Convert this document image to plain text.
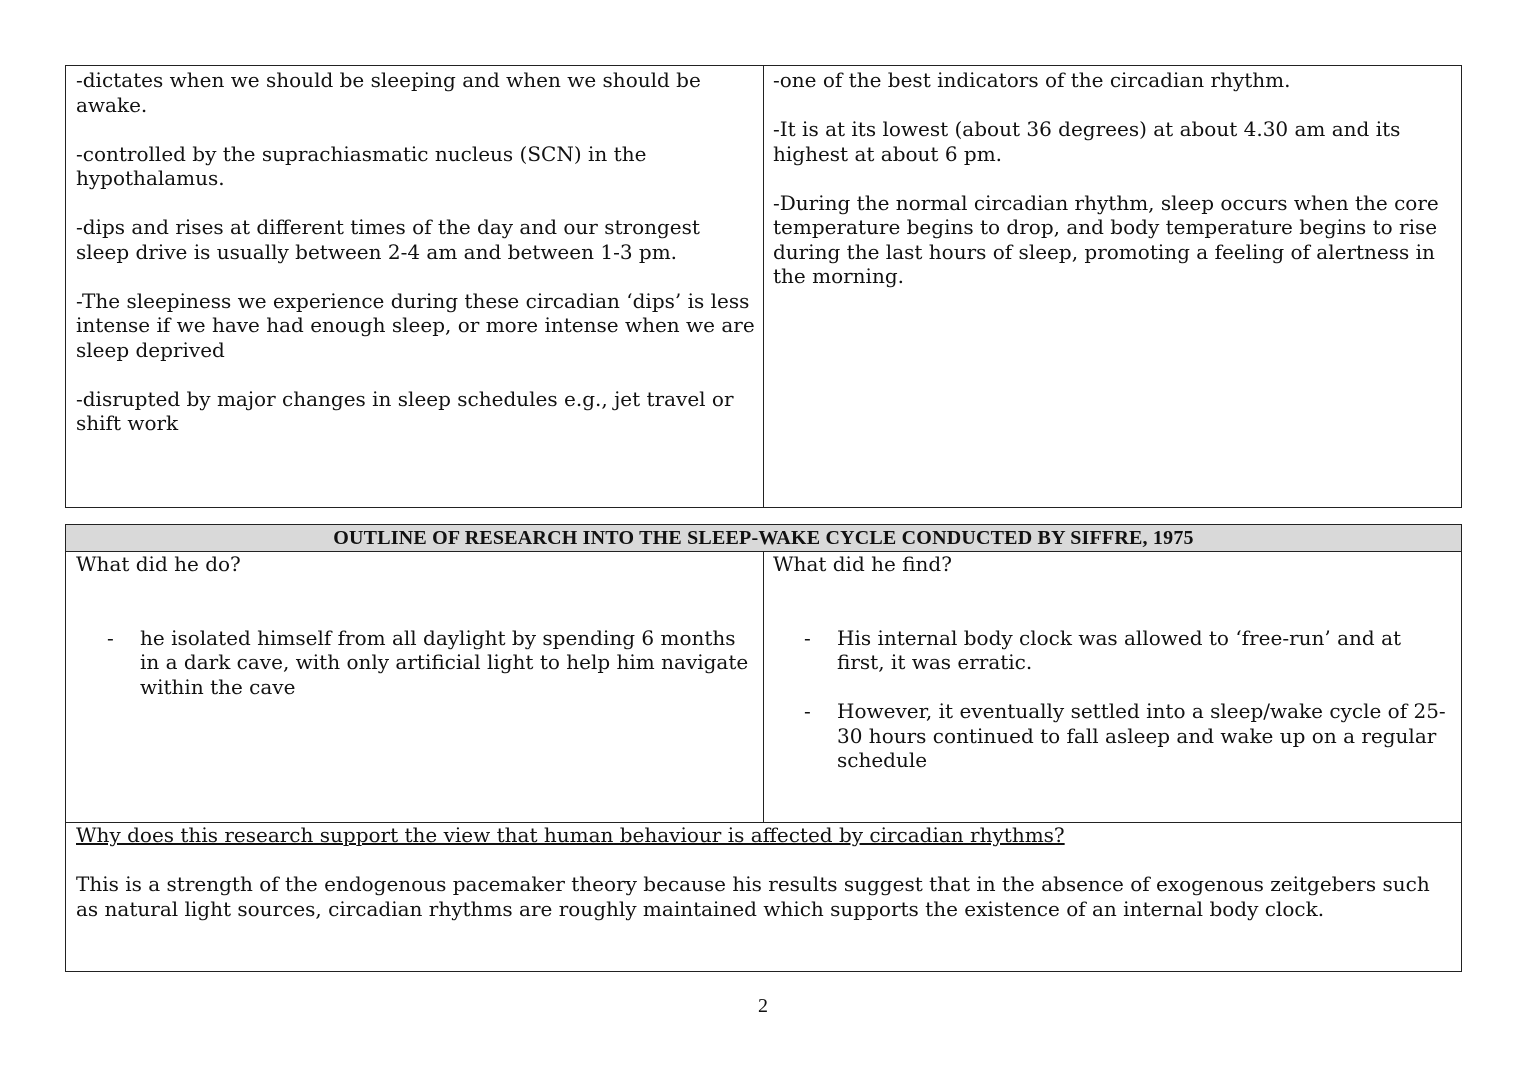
-dictates when we should be sleeping and when we should be awake.

-controlled by the suprachiasmatic nucleus (SCN) in the hypothalamus.

-dips and rises at different times of the day and our strongest sleep drive is usually between 2-4 am and between 1-3 pm.

-The sleepiness we experience during these circadian ‘dips’ is less intense if we have had enough sleep, or more intense when we are sleep deprived

-disrupted by major changes in sleep schedules e.g., jet travel or shift work

-one of the best indicators of the circadian rhythm.

-It is at its lowest (about 36 degrees) at about 4.30 am and its highest at about 6 pm.

-During the normal circadian rhythm, sleep occurs when the core temperature begins to drop, and body temperature begins to rise during the last hours of sleep, promoting a feeling of alertness in the morning.

OUTLINE OF RESEARCH INTO THE SLEEP-WAKE CYCLE CONDUCTED BY SIFFRE, 1975
What did he do?
- he isolated himself from all daylight by spending 6 months in a dark cave, with only artificial light to help him navigate within the cave
What did he find?
- His internal body clock was allowed to ‘free-run’ and at first, it was erratic.
- However, it eventually settled into a sleep/wake cycle of 25-30 hours continued to fall asleep and wake up on a regular schedule

Why does this research support the view that human behaviour is affected by circadian rhythms?

This is a strength of the endogenous pacemaker theory because his results suggest that in the absence of exogenous zeitgebers such as natural light sources, circadian rhythms are roughly maintained which supports the existence of an internal body clock.

2
